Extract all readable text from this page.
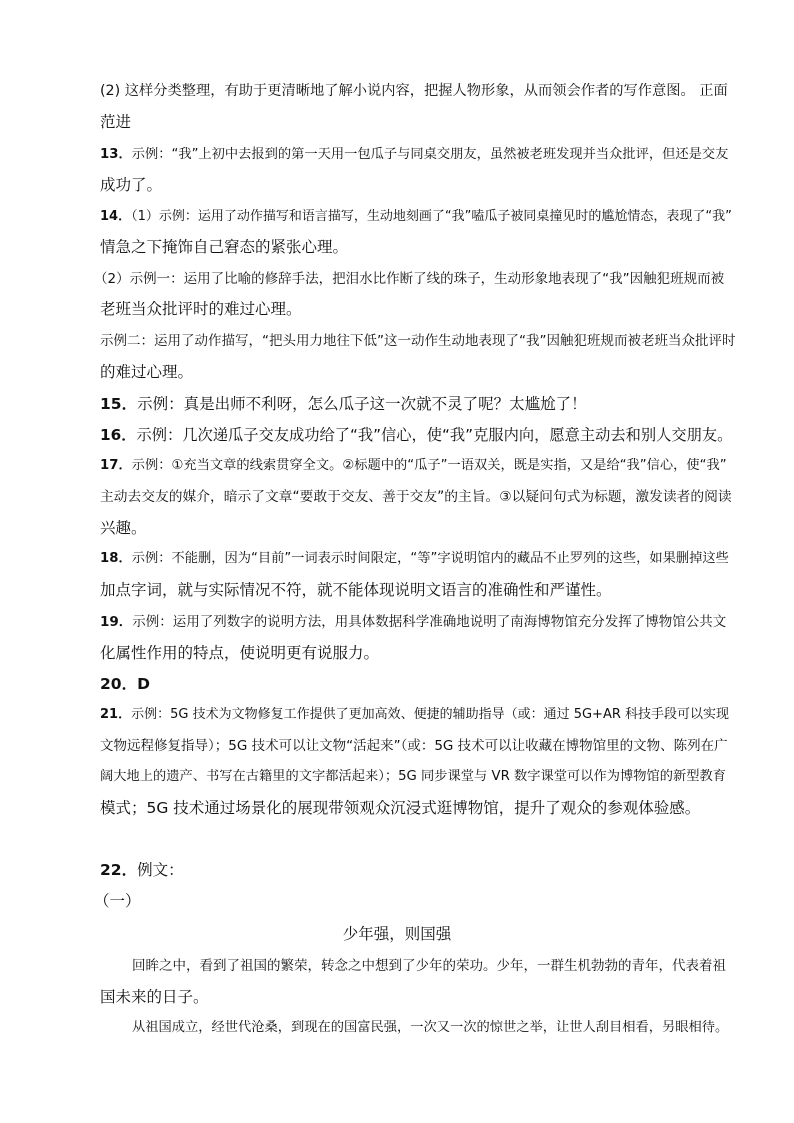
(2) 这样分类整理，有助于更清晰地了解小说内容，把握人物形象，从而领会作者的写作意图。 正面
范进
13．示例：“我”上初中去报到的第一天用一包瓜子与同桌交朋友，虽然被老班发现并当众批评，但还是交友
成功了。
14．（1）示例：运用了动作描写和语言描写，生动地刻画了“我”嗑瓜子被同桌撞见时的尴尬情态，表现了“我”
情急之下掩饰自己窘态的紧张心理。
（2）示例一：运用了比喻的修辞手法，把泪水比作断了线的珠子，生动形象地表现了“我”因触犯班规而被
老班当众批评时的难过心理。
示例二：运用了动作描写，“把头用力地往下低”这一动作生动地表现了“我”因触犯班规而被老班当众批评时
的难过心理。
15．示例：真是出师不利呀，怎么瓜子这一次就不灵了呢？太尴尬了！
16．示例：几次递瓜子交友成功给了“我”信心，使“我”克服内向，愿意主动去和别人交朋友。
17．示例：①充当文章的线索贯穿全文。②标题中的“瓜子”一语双关，既是实指，又是给“我”信心，使“我”
主动去交友的媒介，暗示了文章“要敢于交友、善于交友”的主旨。③以疑问句式为标题，激发读者的阅读
兴趣。
18．示例：不能删，因为“目前”一词表示时间限定，“等”字说明馆内的藏品不止罗列的这些，如果删掉这些
加点字词，就与实际情况不符，就不能体现说明文语言的准确性和严谨性。
19．示例：运用了列数字的说明方法，用具体数据科学准确地说明了南海博物馆充分发挥了博物馆公共文
化属性作用的特点，使说明更有说服力。
20．D
21．示例：5G 技术为文物修复工作提供了更加高效、便捷的辅助指导（或：通过 5G+AR 科技手段可以实现
文物远程修复指导）；5G 技术可以让文物“活起来”（或：5G 技术可以让收藏在博物馆里的文物、陈列在广
阔大地上的遗产、书写在古籍里的文字都活起来）；5G 同步课堂与 VR 数字课堂可以作为博物馆的新型教育
模式；5G 技术通过场景化的展现带领观众沉浸式逛博物馆，提升了观众的参观体验感。
22．例文：
（一）
少年强，则国强
回眸之中，看到了祖国的繁荣，转念之中想到了少年的荣功。少年，一群生机勃勃的青年，代表着祖
国未来的日子。
从祖国成立，经世代沧桑，到现在的国富民强，一次又一次的惊世之举，让世人刮目相看，另眼相待。
